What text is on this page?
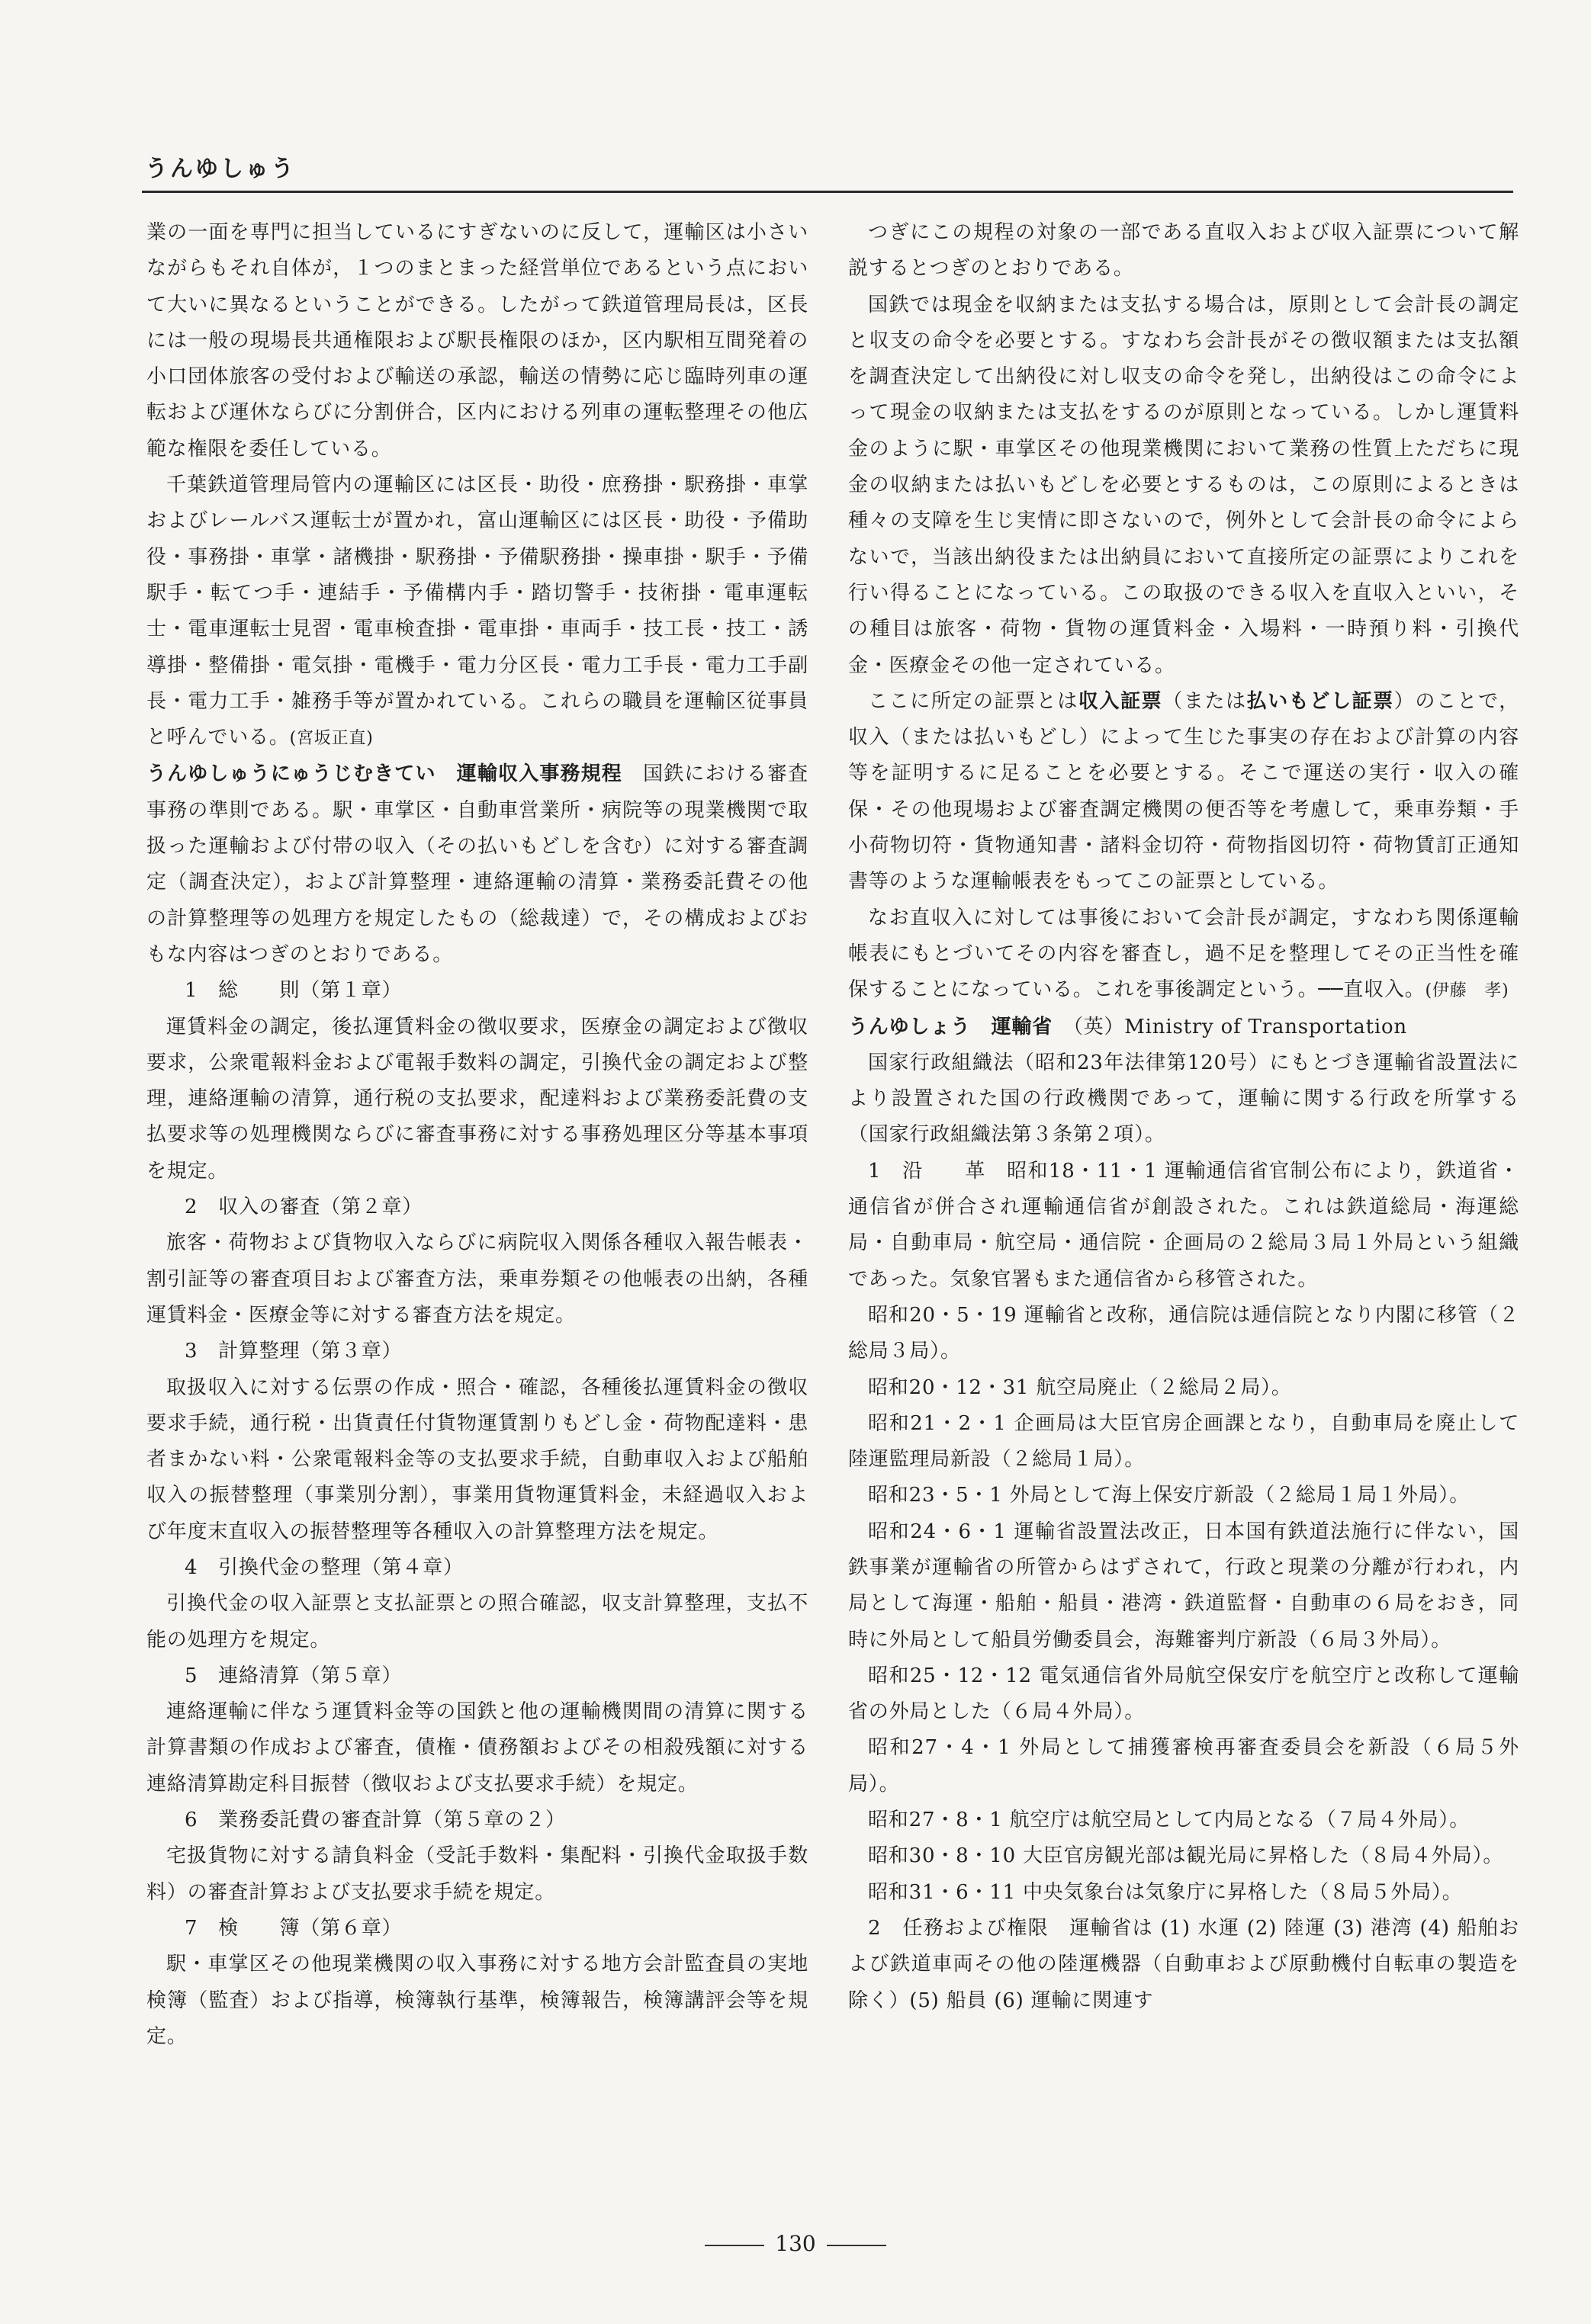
うんゆしゅう

業の一面を専門に担当しているにすぎないのに反して，運輸区は小さいながらもそれ自体が，１つのまとまった経営単位であるという点において大いに異なるということができる。したがって鉄道管理局長は，区長には一般の現場長共通権限および駅長権限のほか，区内駅相互間発着の小口団体旅客の受付および輸送の承認，輸送の情勢に応じ臨時列車の運転および運休ならびに分割併合，区内における列車の運転整理その他広範な権限を委任している。

千葉鉄道管理局管内の運輸区には区長・助役・庶務掛・駅務掛・車掌およびレールバス運転士が置かれ，富山運輸区には区長・助役・予備助役・事務掛・車掌・諸機掛・駅務掛・予備駅務掛・操車掛・駅手・予備駅手・転てつ手・連結手・予備構内手・踏切警手・技術掛・電車運転士・電車運転士見習・電車検査掛・電車掛・車両手・技工長・技工・誘導掛・整備掛・電気掛・電機手・電力分区長・電力工手長・電力工手副長・電力工手・雑務手等が置かれている。これらの職員を運輸区従事員と呼んでいる。(宮坂正直)

うんゆしゅうにゅうじむきてい　 運輸収入事務規程　 国鉄における審査事務の準則である。駅・車掌区・自動車営業所・病院等の現業機関で取扱った運輸および付帯の収入（その払いもどしを含む）に対する審査調定（調査決定），および計算整理・連絡運輸の清算・業務委託費その他の計算整理等の処理方を規定したもの（総裁達）で，その構成およびおもな内容はつぎのとおりである。

1　総　　則（第１章）

運賃料金の調定，後払運賃料金の徴収要求，医療金の調定および徴収要求，公衆電報料金および電報手数料の調定，引換代金の調定および整理，連絡運輸の清算，通行税の支払要求，配達料および業務委託費の支払要求等の処理機関ならびに審査事務に対する事務処理区分等基本事項を規定。

2　収入の審査（第２章）

旅客・荷物および貨物収入ならびに病院収入関係各種収入報告帳表・割引証等の審査項目および審査方法，乗車券類その他帳表の出納，各種運賃料金・医療金等に対する審査方法を規定。

3　計算整理（第３章）

取扱収入に対する伝票の作成・照合・確認，各種後払運賃料金の徴収要求手続，通行税・出貨責任付貨物運賃割りもどし金・荷物配達料・患者まかない料・公衆電報料金等の支払要求手続，自動車収入および船舶収入の振替整理（事業別分割），事業用貨物運賃料金，未経過収入および年度末直収入の振替整理等各種収入の計算整理方法を規定。

4　引換代金の整理（第４章）

引換代金の収入証票と支払証票との照合確認，収支計算整理，支払不能の処理方を規定。

5　連絡清算（第５章）

連絡運輸に伴なう運賃料金等の国鉄と他の運輸機関間の清算に関する計算書類の作成および審査，債権・債務額およびその相殺残額に対する連絡清算勘定科目振替（徴収および支払要求手続）を規定。

6　業務委託費の審査計算（第５章の２）

宅扱貨物に対する請負料金（受託手数料・集配料・引換代金取扱手数料）の審査計算および支払要求手続を規定。

7　検　　簿（第６章）

駅・車掌区その他現業機関の収入事務に対する地方会計監査員の実地検簿（監査）および指導，検簿執行基準，検簿報告，検簿講評会等を規定。

つぎにこの規程の対象の一部である直収入および収入証票について解説するとつぎのとおりである。

国鉄では現金を収納または支払する場合は，原則として会計長の調定と収支の命令を必要とする。すなわち会計長がその徴収額または支払額を調査決定して出納役に対し収支の命令を発し，出納役はこの命令によって現金の収納または支払をするのが原則となっている。しかし運賃料金のように駅・車掌区その他現業機関において業務の性質上ただちに現金の収納または払いもどしを必要とするものは，この原則によるときは種々の支障を生じ実情に即さないので，例外として会計長の命令によらないで，当該出納役または出納員において直接所定の証票によりこれを行い得ることになっている。この取扱のできる収入を直収入といい，その種目は旅客・荷物・貨物の運賃料金・入場料・一時預り料・引換代金・医療金その他一定されている。

ここに所定の証票とは収入証票（または払いもどし証票）のことで，収入（または払いもどし）によって生じた事実の存在および計算の内容等を証明するに足ることを必要とする。そこで運送の実行・収入の確保・その他現場および審査調定機関の便否等を考慮して，乗車券類・手小荷物切符・貨物通知書・諸料金切符・荷物指図切符・荷物賃訂正通知書等のような運輸帳表をもってこの証票としている。

なお直収入に対しては事後において会計長が調定，すなわち関係運輸帳表にもとづいてその内容を審査し，過不足を整理してその正当性を確保することになっている。これを事後調定という。──直収入。(伊藤　孝)

うんゆしょう　 運輸省　 （英）Ministry of Transportation

国家行政組織法（昭和23年法律第120号）にもとづき運輸省設置法により設置された国の行政機関であって，運輸に関する行政を所掌する（国家行政組織法第３条第２項）。

1　沿　　革　昭和18・11・1 運輸通信省官制公布により，鉄道省・通信省が併合され運輸通信省が創設された。これは鉄道総局・海運総局・自動車局・航空局・通信院・企画局の２総局３局１外局という組織であった。気象官署もまた通信省から移管された。

昭和20・5・19 運輸省と改称，通信院は逓信院となり内閣に移管（２総局３局）。

昭和20・12・31 航空局廃止（２総局２局）。

昭和21・2・1 企画局は大臣官房企画課となり，自動車局を廃止して陸運監理局新設（２総局１局）。

昭和23・5・1 外局として海上保安庁新設（２総局１局１外局）。

昭和24・6・1 運輸省設置法改正，日本国有鉄道法施行に伴ない，国鉄事業が運輸省の所管からはずされて，行政と現業の分離が行われ，内局として海運・船舶・船員・港湾・鉄道監督・自動車の６局をおき，同時に外局として船員労働委員会，海難審判庁新設（６局３外局）。

昭和25・12・12 電気通信省外局航空保安庁を航空庁と改称して運輸省の外局とした（６局４外局）。

昭和27・4・1 外局として捕獲審検再審査委員会を新設（６局５外局）。

昭和27・8・1 航空庁は航空局として内局となる（７局４外局）。

昭和30・8・10 大臣官房観光部は観光局に昇格した（８局４外局）。

昭和31・6・11 中央気象台は気象庁に昇格した（８局５外局）。

2　任務および権限　運輸省は (1) 水運 (2) 陸運 (3) 港湾 (4) 船舶および鉄道車両その他の陸運機器（自動車および原動機付自転車の製造を除く）(5) 船員 (6) 運輸に関連す

130
